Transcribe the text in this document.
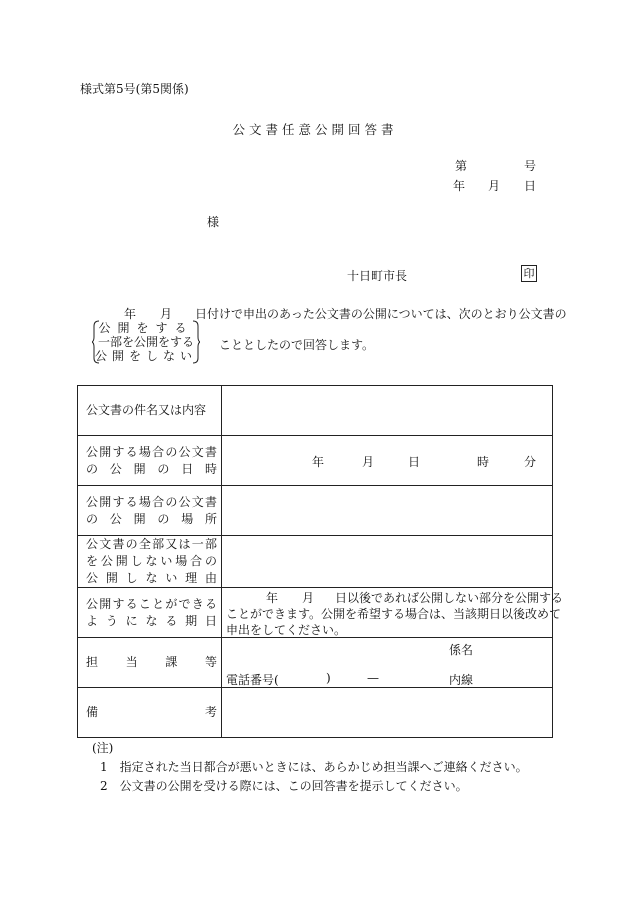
様式第5号(第5関係)
公文書任意公開回答書
第	号
年 月 日
様
十日町市長	印
年 月 日付けで申出のあった公文書の公開については、次のとおり公文書の
公開をする
一部を公開をする
公開をしない
こととしたので回答します。
公文書の件名又は内容	

公開する場合の公文書
の公開の日時	年 月 日 時 分

公開する場合の公文書
の公開の場所	

公文書の全部又は一部
を公開しない場合の
公開しない理由	

公開することができる
ようになる期日	年 月 日以後であれば公開しない部分を公開する
ことができます。公開を希望する場合は、当該期日以後改めて
申出をしてください。

担当課等	係名
電話番号( ) — 内線

備考	

(注)
1　指定された当日都合が悪いときには、あらかじめ担当課へご連絡ください。
2　公文書の公開を受ける際には、この回答書を提示してください。
